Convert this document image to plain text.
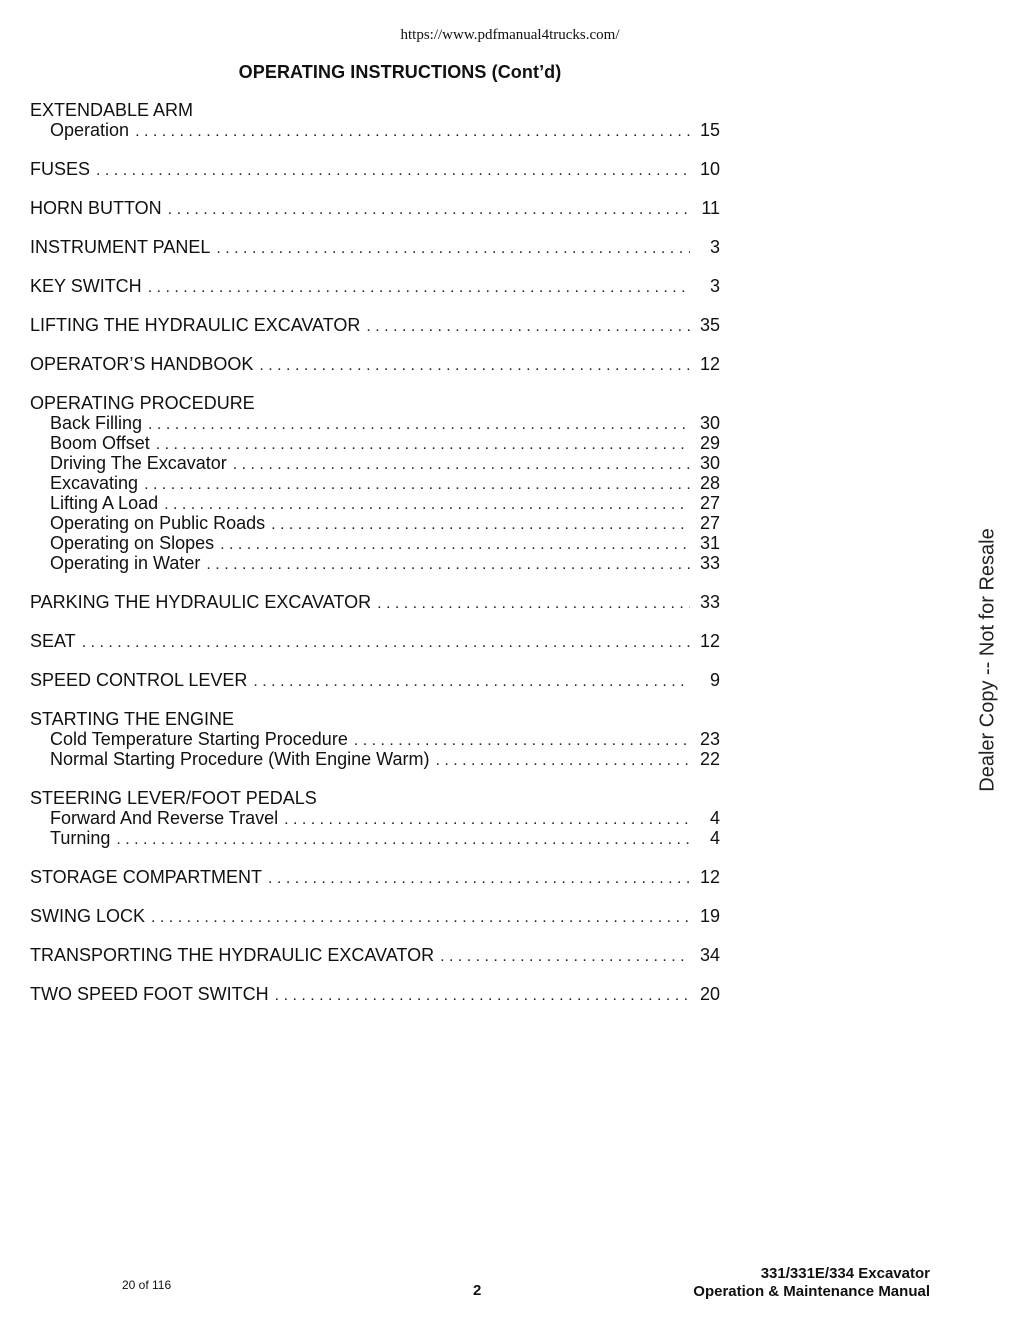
https://www.pdfmanual4trucks.com/
OPERATING INSTRUCTIONS (Cont’d)
EXTENDABLE ARM
Operation . . .	15
FUSES . . .	10
HORN BUTTON . . .	11
INSTRUMENT PANEL . . .	3
KEY SWITCH . . .	3
LIFTING THE HYDRAULIC EXCAVATOR . . .	35
OPERATOR’S HANDBOOK . . .	12
OPERATING PROCEDURE
Back Filling . . .	30
Boom Offset . . .	29
Driving The Excavator . . .	30
Excavating . . .	28
Lifting A Load . . .	27
Operating on Public Roads . . .	27
Operating on Slopes . . .	31
Operating in Water . . .	33
PARKING THE HYDRAULIC EXCAVATOR . . .	33
SEAT . . .	12
SPEED CONTROL LEVER . . .	9
STARTING THE ENGINE
Cold Temperature Starting Procedure . . .	23
Normal Starting Procedure (With Engine Warm) . . .	22
STEERING LEVER/FOOT PEDALS
Forward And Reverse Travel . . .	4
Turning . . .	4
STORAGE COMPARTMENT . . .	12
SWING LOCK . . .	19
TRANSPORTING THE HYDRAULIC EXCAVATOR . . .	34
TWO SPEED FOOT SWITCH . . .	20
Dealer Copy -- Not for Resale
20 of 116	2
331/331E/334 Excavator
Operation & Maintenance Manual
